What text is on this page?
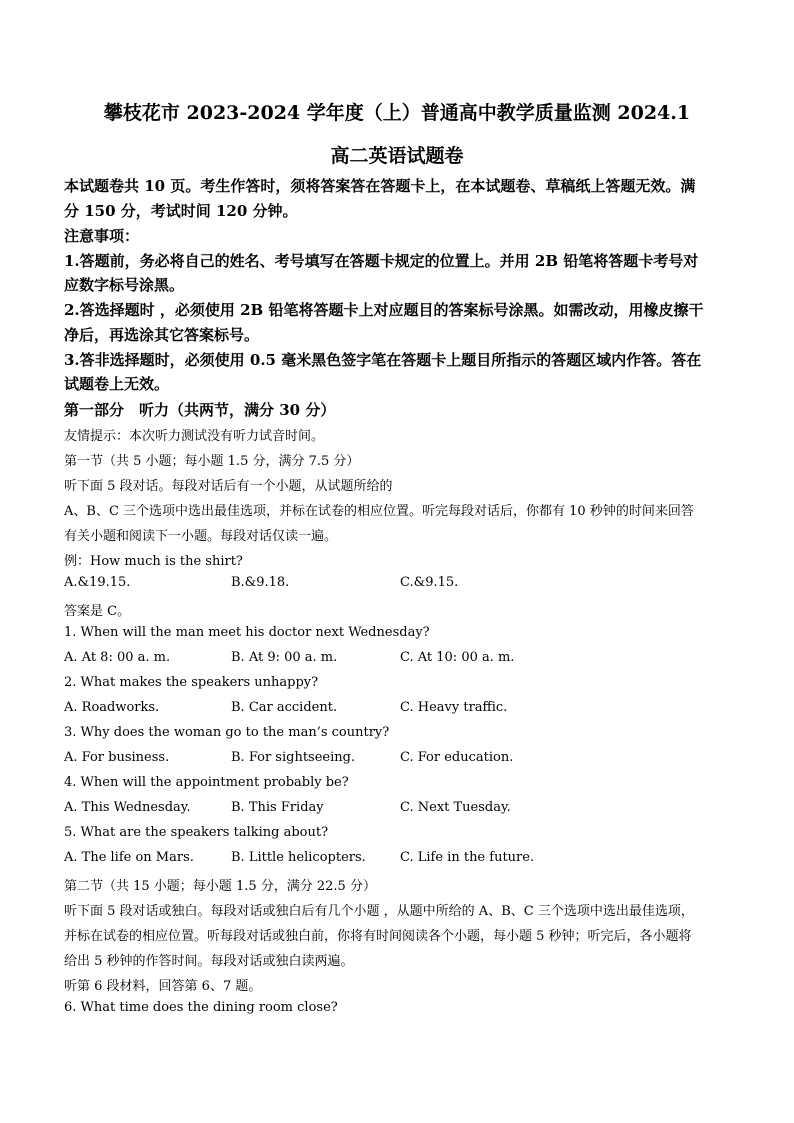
攀枝花市 2023-2024 学年度（上）普通高中教学质量监测 2024.1
高二英语试题卷
本试题卷共 10 页。考生作答时，须将答案答在答题卡上，在本试题卷、草稿纸上答题无效。满
分 150 分，考试时间 120 分钟。
注意事项：
1.答题前，务必将自己的姓名、考号填写在答题卡规定的位置上。并用 2B 铅笔将答题卡考号对
应数字标号涂黑。
2.答选择题时 ，必须使用 2B 铅笔将答题卡上对应题目的答案标号涂黑。如需改动，用橡皮擦干
净后，再选涂其它答案标号。
3.答非选择题时，必须使用 0.5 毫米黑色签字笔在答题卡上题目所指示的答题区域内作答。答在
试题卷上无效。
第一部分　听力（共两节，满分 30 分）
友情提示：本次听力测试没有听力试音时间。
第一节（共 5 小题；每小题 1.5 分，满分 7.5 分）
听下面 5 段对话。每段对话后有一个小题，从试题所给的
A、B、C 三个选项中选出最佳选项，并标在试卷的相应位置。听完每段对话后，你都有 10 秒钟的时间来回答
有关小题和阅读下一小题。每段对话仅读一遍。
例：How much is the shirt?
A.&19.15.	B.&9.18.	C.&9.15.
答案是 C。
1. When will the man meet his doctor next Wednesday?
A. At 8: 00 a. m.	B. At 9: 00 a. m.	C. At 10: 00 a. m.
2. What makes the speakers unhappy?
A. Roadworks.	B. Car accident.	C. Heavy traffic.
3. Why does the woman go to the man’s country?
A. For business.	B. For sightseeing.	C. For education.
4. When will the appointment probably be?
A. This Wednesday.	B. This Friday	C. Next Tuesday.
5. What are the speakers talking about?
A. The life on Mars.	B. Little helicopters.	C. Life in the future.
第二节（共 15 小题；每小题 1.5 分，满分 22.5 分）
听下面 5 段对话或独白。每段对话或独白后有几个小题 ，从题中所给的 A、B、C 三个选项中选出最佳选项，
并标在试卷的相应位置。听每段对话或独白前，你将有时间阅读各个小题，每小题 5 秒钟；听完后，各小题将
给出 5 秒钟的作答时间。每段对话或独白读两遍。
听第 6 段材料，回答第 6、7 题。
6. What time does the dining room close?
